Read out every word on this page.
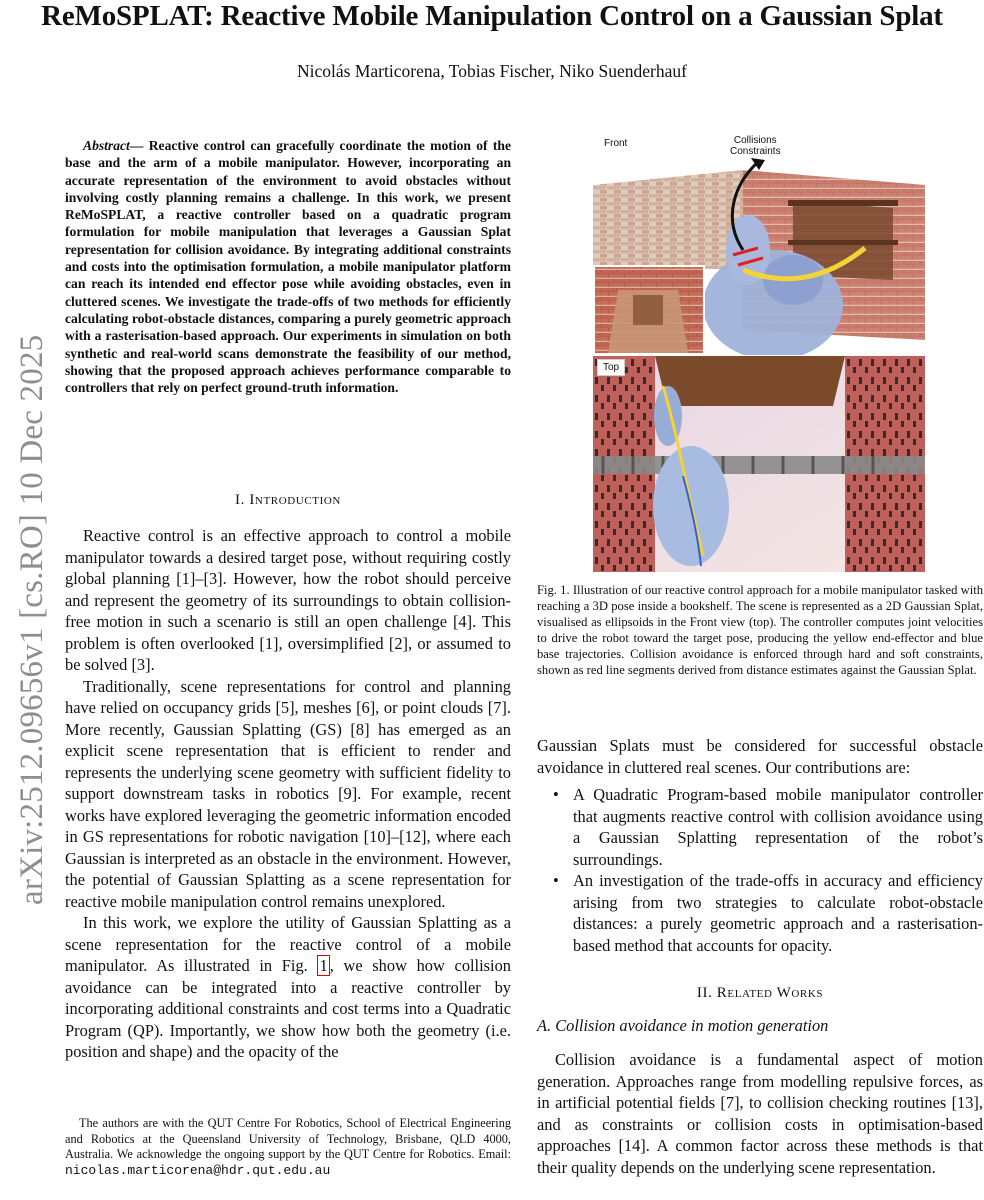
ReMoSPLAT: Reactive Mobile Manipulation Control on a Gaussian Splat
Nicolás Marticorena, Tobias Fischer, Niko Suenderhauf
arXiv:2512.09656v1 [cs.RO] 10 Dec 2025

Abstract— Reactive control can gracefully coordinate the motion of the base and the arm of a mobile manipulator. However, incorporating an accurate representation of the environment to avoid obstacles without involving costly planning remains a challenge. In this work, we present ReMoSPLAT, a reactive controller based on a quadratic program formulation for mobile manipulation that leverages a Gaussian Splat representation for collision avoidance. By integrating additional constraints and costs into the optimisation formulation, a mobile manipulator platform can reach its intended end effector pose while avoiding obstacles, even in cluttered scenes. We investigate the trade-offs of two methods for efficiently calculating robot-obstacle distances, comparing a purely geometric approach with a rasterisation-based approach. Our experiments in simulation on both synthetic and real-world scans demonstrate the feasibility of our method, showing that the proposed approach achieves performance comparable to controllers that rely on perfect ground-truth information.

I. Introduction

Reactive control is an effective approach to control a mobile manipulator towards a desired target pose, without requiring costly global planning [1]–[3]. However, how the robot should perceive and represent the geometry of its surroundings to obtain collision-free motion in such a scenario is still an open challenge [4]. This problem is often overlooked [1], oversimplified [2], or assumed to be solved [3].

Traditionally, scene representations for control and planning have relied on occupancy grids [5], meshes [6], or point clouds [7]. More recently, Gaussian Splatting (GS) [8] has emerged as an explicit scene representation that is efficient to render and represents the underlying scene geometry with sufficient fidelity to support downstream tasks in robotics [9]. For example, recent works have explored leveraging the geometric information encoded in GS representations for robotic navigation [10]–[12], where each Gaussian is interpreted as an obstacle in the environment. However, the potential of Gaussian Splatting as a scene representation for reactive mobile manipulation control remains unexplored.

In this work, we explore the utility of Gaussian Splatting as a scene representation for the reactive control of a mobile manipulator. As illustrated in Fig. 1 , we show how collision avoidance can be integrated into a reactive controller by incorporating additional constraints and cost terms into a Quadratic Program (QP). Importantly, we show how both the geometry (i.e. position and shape) and the opacity of the

The authors are with the QUT Centre For Robotics, School of Electrical Engineering and Robotics at the Queensland University of Technology, Brisbane, QLD 4000, Australia. We acknowledge the ongoing support by the QUT Centre for Robotics. Email: nicolas.marticorena@hdr.qut.edu.au

Front	Collisions
Constraints
Top

Fig. 1. Illustration of our reactive control approach for a mobile manipulator tasked with reaching a 3D pose inside a bookshelf. The scene is represented as a 2D Gaussian Splat, visualised as ellipsoids in the Front view (top). The controller computes joint velocities to drive the robot toward the target pose, producing the yellow end-effector and blue base trajectories. Collision avoidance is enforced through hard and soft constraints, shown as red line segments derived from distance estimates against the Gaussian Splat.

Gaussian Splats must be considered for successful obstacle avoidance in cluttered real scenes. Our contributions are:

• A Quadratic Program-based mobile manipulator controller that augments reactive control with collision avoidance using a Gaussian Splatting representation of the robot’s surroundings.
• An investigation of the trade-offs in accuracy and efficiency arising from two strategies to calculate robot-obstacle distances: a purely geometric approach and a rasterisation-based method that accounts for opacity.
II. Related Works
A. Collision avoidance in motion generation

Collision avoidance is a fundamental aspect of motion generation. Approaches range from modelling repulsive forces, as in artificial potential fields [7], to collision checking routines [13], and as constraints or collision costs in optimisation-based approaches [14]. A common factor across these methods is that their quality depends on the underlying scene representation.
